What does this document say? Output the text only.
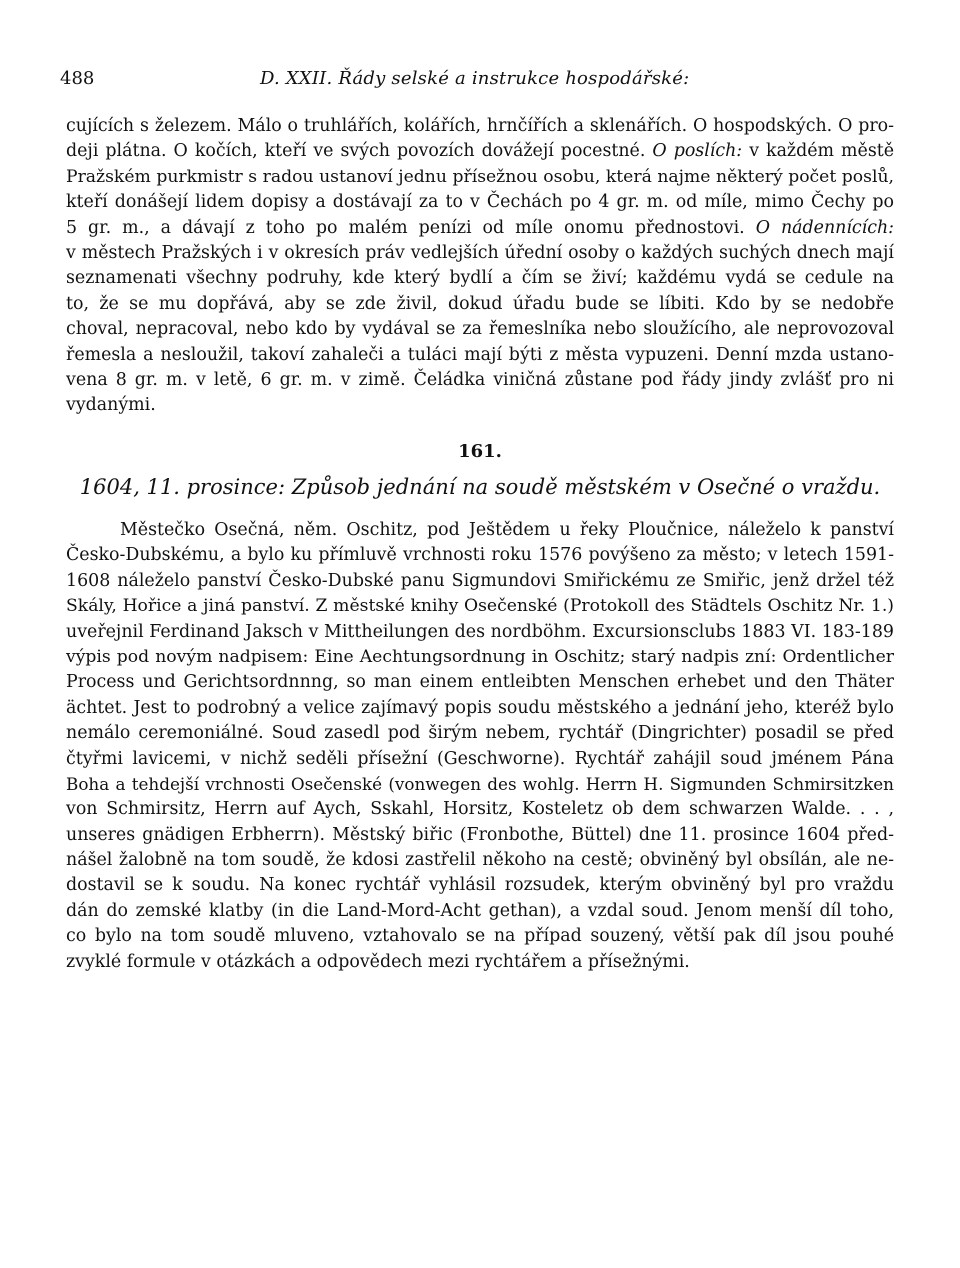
488	D. XXII. Řády selské a instrukce hospodářské:
cujících s železem. Málo o truhlářích, kolářích, hrnčířích a sklenářích. O hospodských. O pro-
deji plátna. O kočích, kteří ve svých povozích dovážejí pocestné. O poslích: v každém městě
Pražském purkmistr s radou ustanoví jednu přísežnou osobu, která najme některý počet poslů,
kteří donášejí lidem dopisy a dostávají za to v Čechách po 4 gr. m. od míle, mimo Čechy po
5 gr. m., a dávají z toho po malém penízi od míle onomu přednostovi. O nádennících:
v městech Pražských i v okresích práv vedlejších úřední osoby o každých suchých dnech mají
seznamenati všechny podruhy, kde který bydlí a čím se živí; každému vydá se cedule na
to, že se mu dopřává, aby se zde živil, dokud úřadu bude se líbiti. Kdo by se nedobře
choval, nepracoval, nebo kdo by vydával se za řemeslníka nebo sloužícího, ale neprovozoval
řemesla a nesloužil, takoví zahaleči a tuláci mají býti z města vypuzeni. Denní mzda ustano-
vena 8 gr. m. v letě, 6 gr. m. v zimě. Čeládka viničná zůstane pod řády jindy zvlášť pro ni
vydanými.
161.
1604, 11. prosince: Způsob jednání na soudě městském v Osečné o vraždu.
Městečko Osečná, něm. Oschitz, pod Ještědem u řeky Ploučnice, náleželo k panství
Česko-Dubskému, a bylo ku přímluvě vrchnosti roku 1576 povýšeno za město; v letech 1591-
1608 náleželo panství Česko-Dubské panu Sigmundovi Smiřickému ze Smiřic, jenž držel též
Skály, Hořice a jiná panství. Z městské knihy Osečenské (Protokoll des Städtels Oschitz Nr. 1.)
uveřejnil Ferdinand Jaksch v Mittheilungen des nordböhm. Excursionsclubs 1883 VI. 183-189
výpis pod novým nadpisem: Eine Aechtungsordnung in Oschitz; starý nadpis zní: Ordentlicher
Process und Gerichtsordnnng, so man einem entleibten Menschen erhebet und den Thäter
ächtet. Jest to podrobný a velice zajímavý popis soudu městského a jednání jeho, kteréž bylo
nemálo ceremoniálné. Soud zasedl pod širým nebem, rychtář (Dingrichter) posadil se před
čtyřmi lavicemi, v nichž seděli přísežní (Geschworne). Rychtář zahájil soud jménem Pána
Boha a tehdejší vrchnosti Osečenské (vonwegen des wohlg. Herrn H. Sigmunden Schmirsitzken
von Schmirsitz, Herrn auf Aych, Sskahl, Horsitz, Kosteletz ob dem schwarzen Walde. . . ,
unseres gnädigen Erbherrn). Městský biřic (Fronbothe, Büttel) dne 11. prosince 1604 před-
nášel žalobně na tom soudě, že kdosi zastřelil někoho na cestě; obviněný byl obsílán, ale ne-
dostavil se k soudu. Na konec rychtář vyhlásil rozsudek, kterým obviněný byl pro vraždu
dán do zemské klatby (in die Land-Mord-Acht gethan), a vzdal soud. Jenom menší díl toho,
co bylo na tom soudě mluveno, vztahovalo se na případ souzený, větší pak díl jsou pouhé
zvyklé formule v otázkách a odpovědech mezi rychtářem a přísežnými.
